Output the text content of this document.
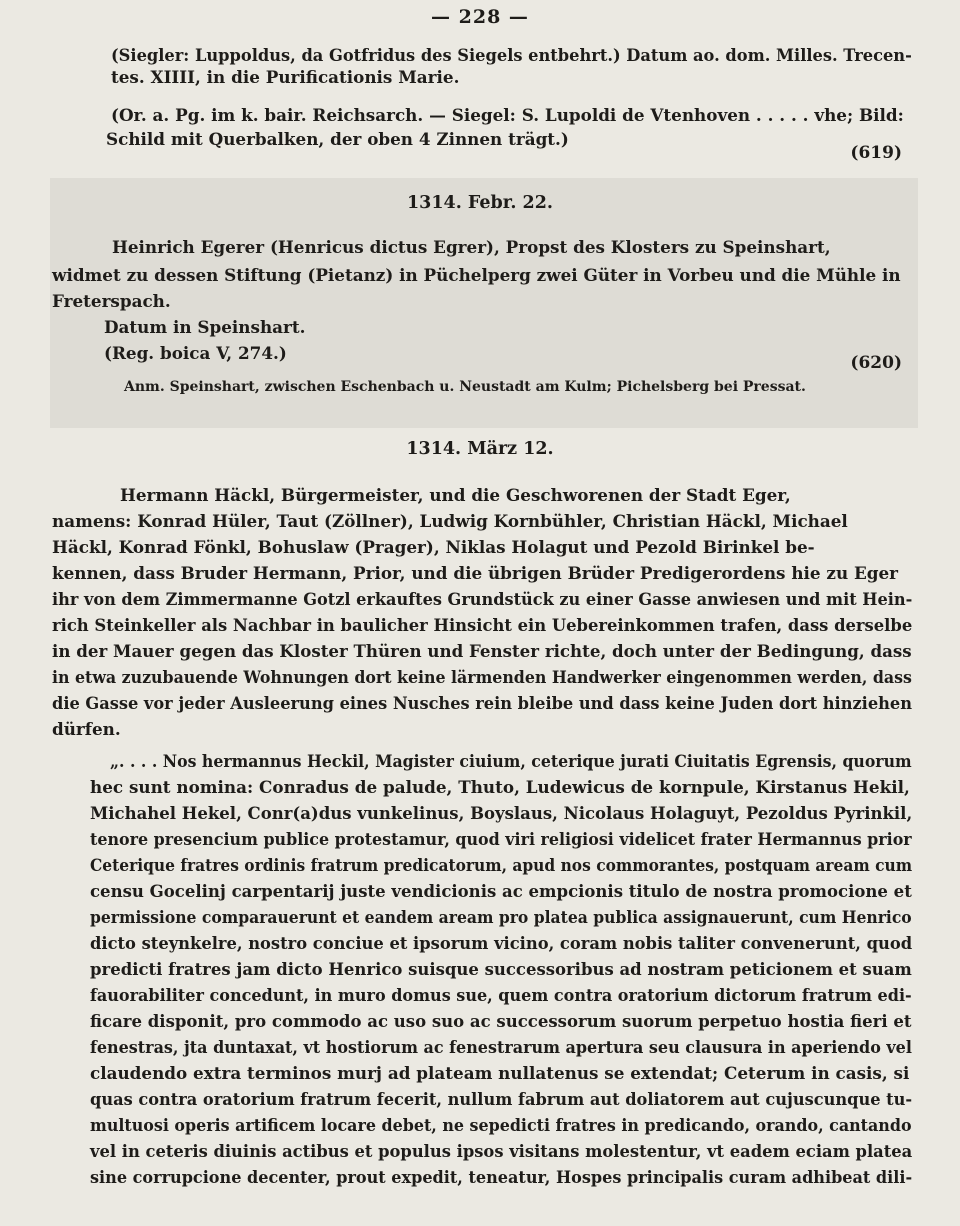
— 228 —
(Siegler: Luppoldus, da Gotfridus des Siegels entbehrt.) Datum ao. dom. Milles. Trecen-
tes. XIIII, in die Purificationis Marie.
(Or. a. Pg. im k. bair. Reichsarch. — Siegel: S. Lupoldi de Vtenhoven . . . . . vhe; Bild:
Schild mit Querbalken, der oben 4 Zinnen trägt.)
(619)
1314. Febr. 22.
Heinrich Egerer (Henricus dictus Egrer), Propst des Klosters zu Speinshart,
widmet zu dessen Stiftung (Pietanz) in Püchelperg zwei Güter in Vorbeu und die Mühle in
Freterspach.
Datum in Speinshart.
(Reg. boica V, 274.)	(620)
Anm. Speinshart, zwischen Eschenbach u. Neustadt am Kulm; Pichelsberg bei Pressat.
1314. März 12.
Hermann Häckl, Bürgermeister, und die Geschworenen der Stadt Eger,
namens: Konrad Hüler, Taut (Zöllner), Ludwig Kornbühler, Christian Häckl, Michael
Häckl, Konrad Fönkl, Bohuslaw (Prager), Niklas Holagut und Pezold Birinkel be-
kennen, dass Bruder Hermann, Prior, und die übrigen Brüder Predigerordens hie zu Eger
ihr von dem Zimmermanne Gotzl erkauftes Grundstück zu einer Gasse anwiesen und mit Hein-
rich Steinkeller als Nachbar in baulicher Hinsicht ein Uebereinkommen trafen, dass derselbe
in der Mauer gegen das Kloster Thüren und Fenster richte, doch unter der Bedingung, dass
in etwa zuzubauende Wohnungen dort keine lärmenden Handwerker eingenommen werden, dass
die Gasse vor jeder Ausleerung eines Nusches rein bleibe und dass keine Juden dort hinziehen
dürfen.
„. . . . Nos hermannus Heckil, Magister ciuium, ceterique jurati Ciuitatis Egrensis, quorum
hec sunt nomina: Conradus de palude, Thuto, Ludewicus de kornpule, Kirstanus Hekil,
Michahel Hekel, Conr(a)dus vunkelinus, Boyslaus, Nicolaus Holaguyt, Pezoldus Pyrinkil,
tenore presencium publice protestamur, quod viri religiosi videlicet frater Hermannus prior
Ceterique fratres ordinis fratrum predicatorum, apud nos commorantes, postquam aream cum
censu Gocelinj carpentarij juste vendicionis ac empcionis titulo de nostra promocione et
permissione comparauerunt et eandem aream pro platea publica assignauerunt, cum Henrico
dicto steynkelre, nostro conciue et ipsorum vicino, coram nobis taliter convenerunt, quod
predicti fratres jam dicto Henrico suisque successoribus ad nostram peticionem et suam
fauorabiliter concedunt, in muro domus sue, quem contra oratorium dictorum fratrum edi-
ficare disponit, pro commodo ac uso suo ac successorum suorum perpetuo hostia fieri et
fenestras, jta duntaxat, vt hostiorum ac fenestrarum apertura seu clausura in aperiendo vel
claudendo extra terminos murj ad plateam nullatenus se extendat; Ceterum in casis, si
quas contra oratorium fratrum fecerit, nullum fabrum aut doliatorem aut cujuscunque tu-
multuosi operis artificem locare debet, ne sepedicti fratres in predicando, orando, cantando
vel in ceteris diuinis actibus et populus ipsos visitans molestentur, vt eadem eciam platea
sine corrupcione decenter, prout expedit, teneatur, Hospes principalis curam adhibeat dili-
